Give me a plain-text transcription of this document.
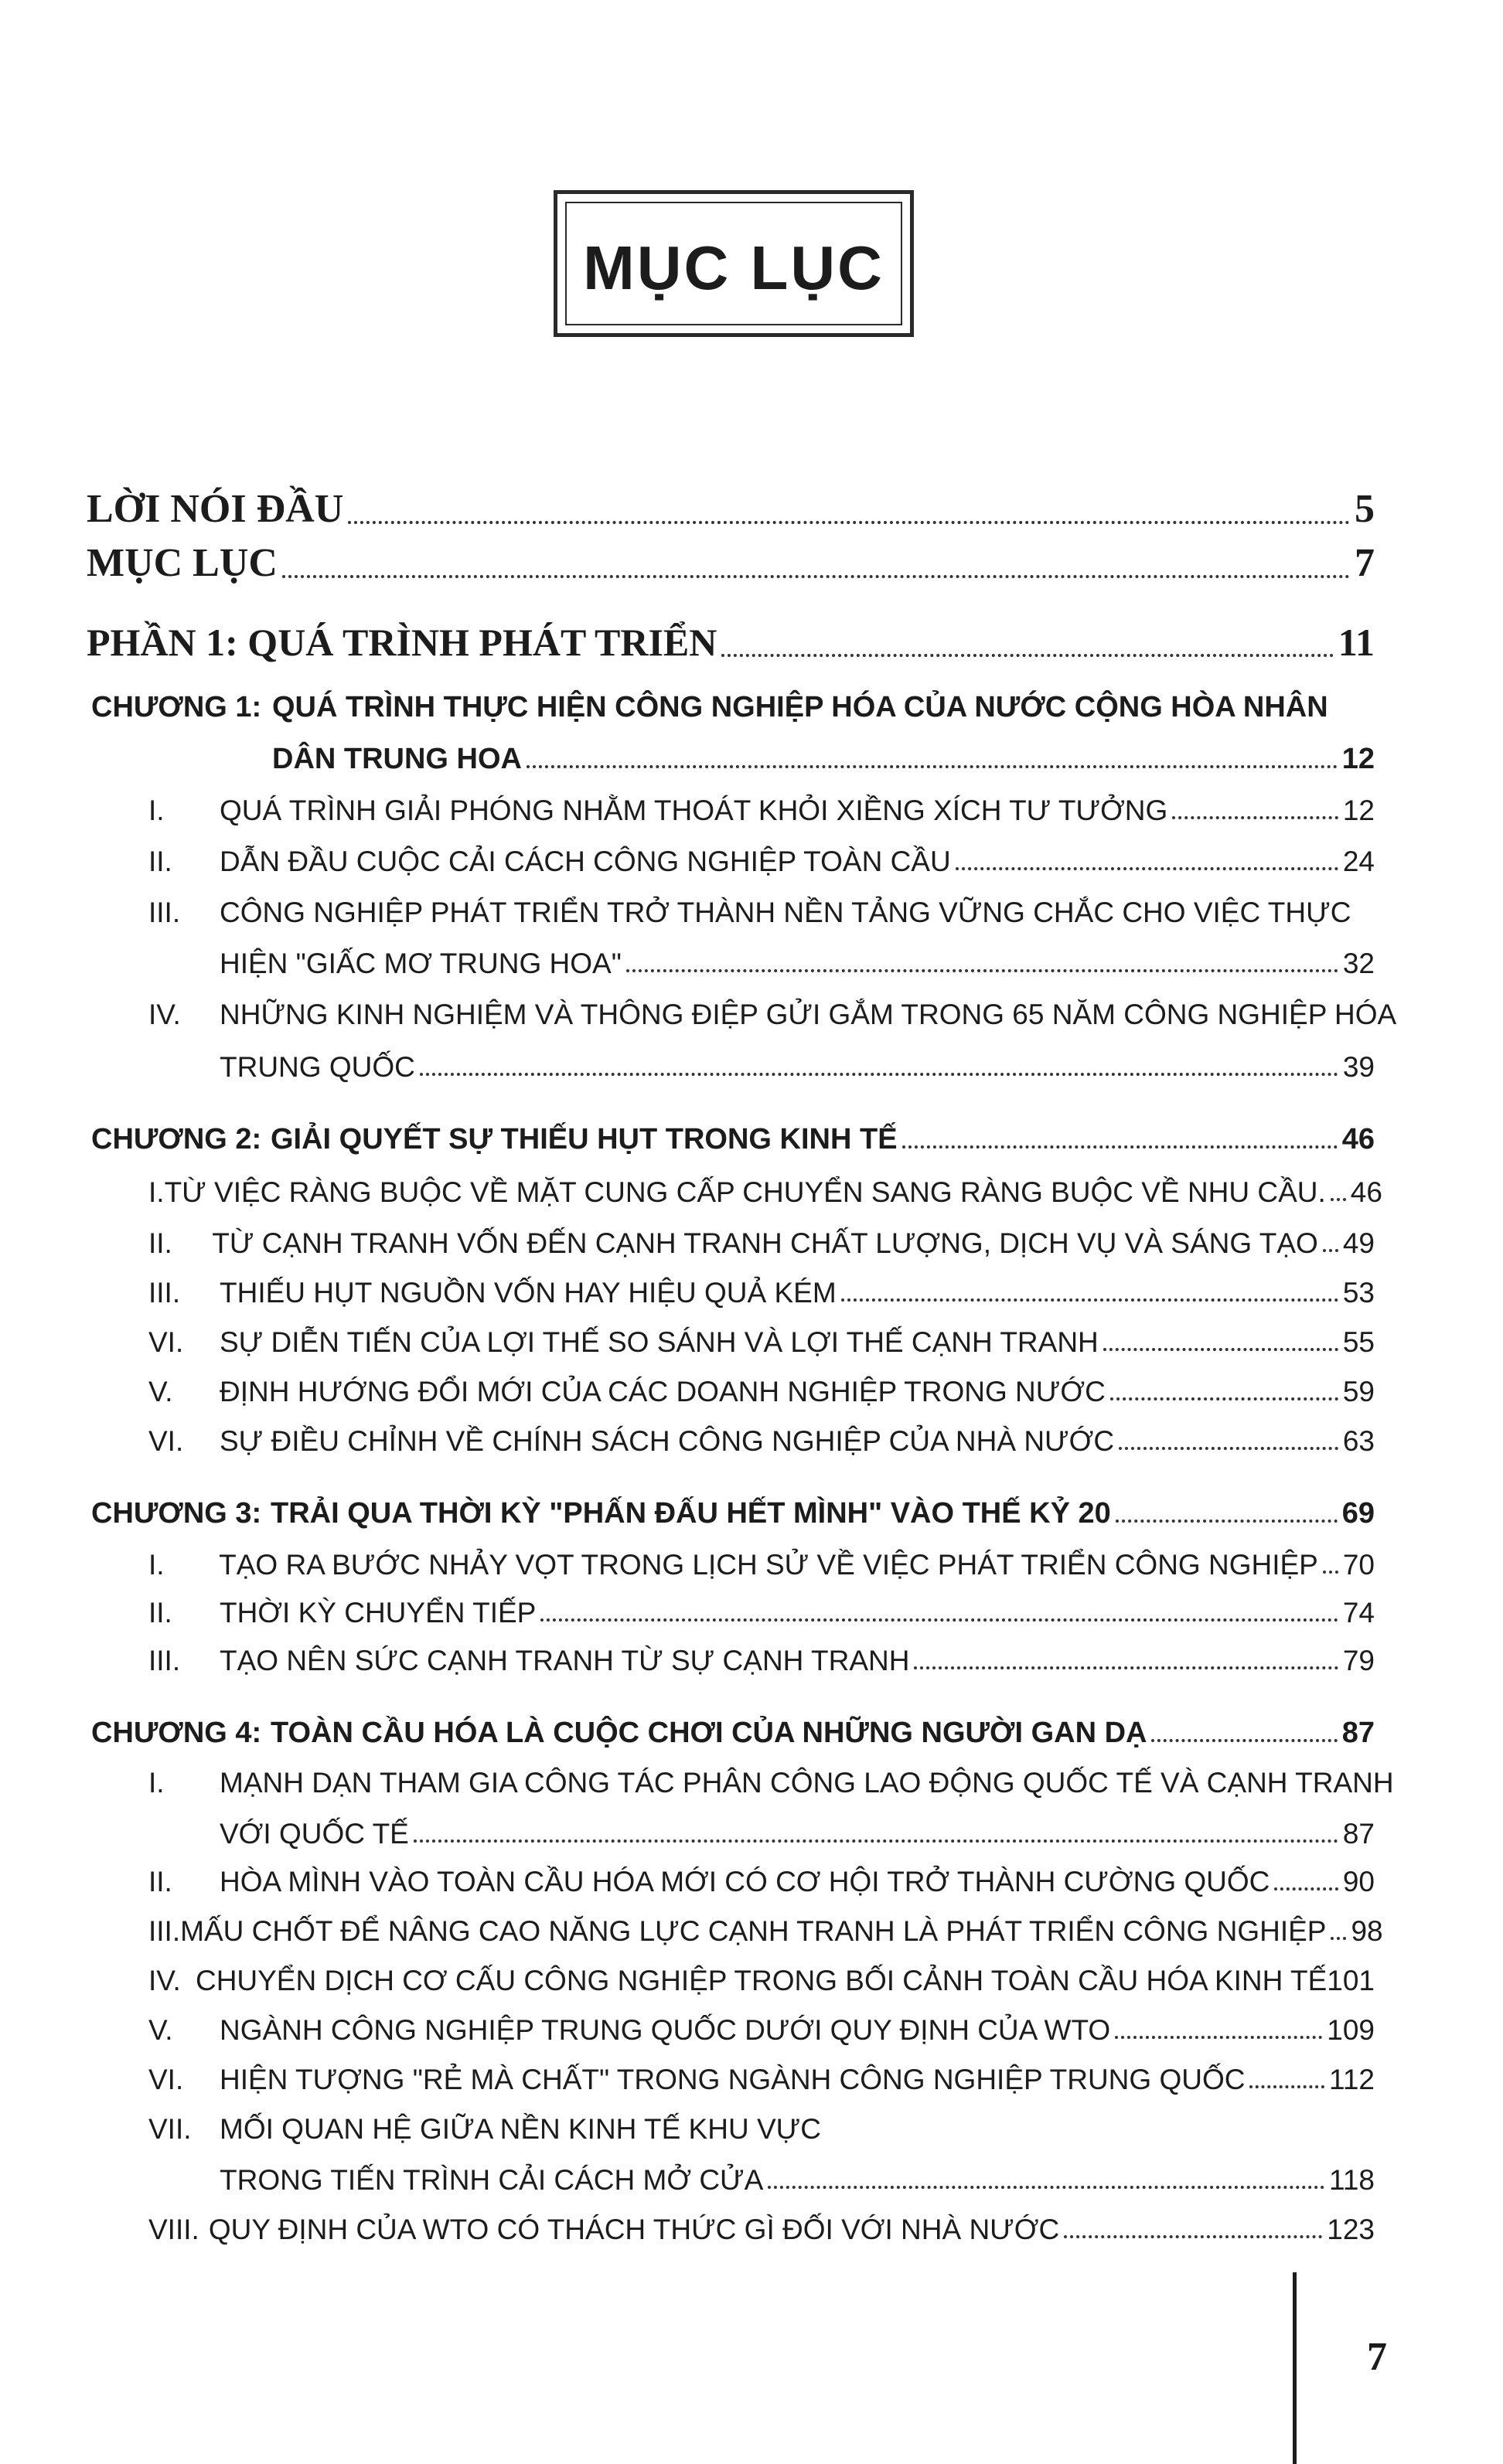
MỤC LỤC
LỜI NÓI ĐẦU	5
MỤC LỤC	7
PHẦN 1: QUÁ TRÌNH PHÁT TRIỂN	11
CHƯƠNG 1: QUÁ TRÌNH THỰC HIỆN CÔNG NGHIỆP HÓA CỦA NƯỚC CỘNG HÒA NHÂN
DÂN TRUNG HOA	12
I.	QUÁ TRÌNH GIẢI PHÓNG NHẰM THOÁT KHỎI XIỀNG XÍCH TƯ TƯỞNG	12
II.	DẪN ĐẦU CUỘC CẢI CÁCH CÔNG NGHIỆP TOÀN CẦU	24
III. CÔNG NGHIỆP PHÁT TRIỂN TRỞ THÀNH NỀN TẢNG VỮNG CHẮC CHO VIỆC THỰC
HIỆN "GIẤC MƠ TRUNG HOA"	32
IV. NHỮNG KINH NGHIỆM VÀ THÔNG ĐIỆP GỬI GẮM TRONG 65 NĂM CÔNG NGHIỆP HÓA
TRUNG QUỐC	39
CHƯƠNG 2: GIẢI QUYẾT SỰ THIẾU HỤT TRONG KINH TẾ	46
I. TỪ VIỆC RÀNG BUỘC VỀ MẶT CUNG CẤP CHUYỂN SANG RÀNG BUỘC VỀ NHU CẦU. 46
II.	TỪ CẠNH TRANH VỐN ĐẾN CẠNH TRANH CHẤT LƯỢNG, DỊCH VỤ VÀ SÁNG TẠO 49
III.	THIẾU HỤT NGUỒN VỐN HAY HIỆU QUẢ KÉM	53
VI.	SỰ DIỄN TIẾN CỦA LỢI THẾ SO SÁNH VÀ LỢI THẾ CẠNH TRANH	55
V.	ĐỊNH HƯỚNG ĐỔI MỚI CỦA CÁC DOANH NGHIỆP TRONG NƯỚC	59
VI.	SỰ ĐIỀU CHỈNH VỀ CHÍNH SÁCH CÔNG NGHIỆP CỦA NHÀ NƯỚC	63
CHƯƠNG 3: TRẢI QUA THỜI KỲ "PHẤN ĐẤU HẾT MÌNH" VÀO THẾ KỶ 20	69
I.	TẠO RA BƯỚC NHẢY VỌT TRONG LỊCH SỬ VỀ VIỆC PHÁT TRIỂN CÔNG NGHIỆP 70
II.	THỜI KỲ CHUYỂN TIẾP	74
III.	TẠO NÊN SỨC CẠNH TRANH TỪ SỰ CẠNH TRANH	79
CHƯƠNG 4: TOÀN CẦU HÓA LÀ CUỘC CHƠI CỦA NHỮNG NGƯỜI GAN DẠ	87
I. MẠNH DẠN THAM GIA CÔNG TÁC PHÂN CÔNG LAO ĐỘNG QUỐC TẾ VÀ CẠNH TRANH
VỚI QUỐC TẾ	87
II.	HÒA MÌNH VÀO TOÀN CẦU HÓA MỚI CÓ CƠ HỘI TRỞ THÀNH CƯỜNG QUỐC	90
III. MẤU CHỐT ĐỂ NÂNG CAO NĂNG LỰC CẠNH TRANH LÀ PHÁT TRIỂN CÔNG NGHIỆP 98
IV. CHUYỂN DỊCH CƠ CẤU CÔNG NGHIỆP TRONG BỐI CẢNH TOÀN CẦU HÓA KINH TẾ 101
V.	NGÀNH CÔNG NGHIỆP TRUNG QUỐC DƯỚI QUY ĐỊNH CỦA WTO	109
VI.	HIỆN TƯỢNG "RẺ MÀ CHẤT" TRONG NGÀNH CÔNG NGHIỆP TRUNG QUỐC	112
VII. MỐI QUAN HỆ GIỮA NỀN KINH TẾ KHU VỰC
TRONG TIẾN TRÌNH CẢI CÁCH MỞ CỬA	118
VIII. QUY ĐỊNH CỦA WTO CÓ THÁCH THỨC GÌ ĐỐI VỚI NHÀ NƯỚC	123
7
